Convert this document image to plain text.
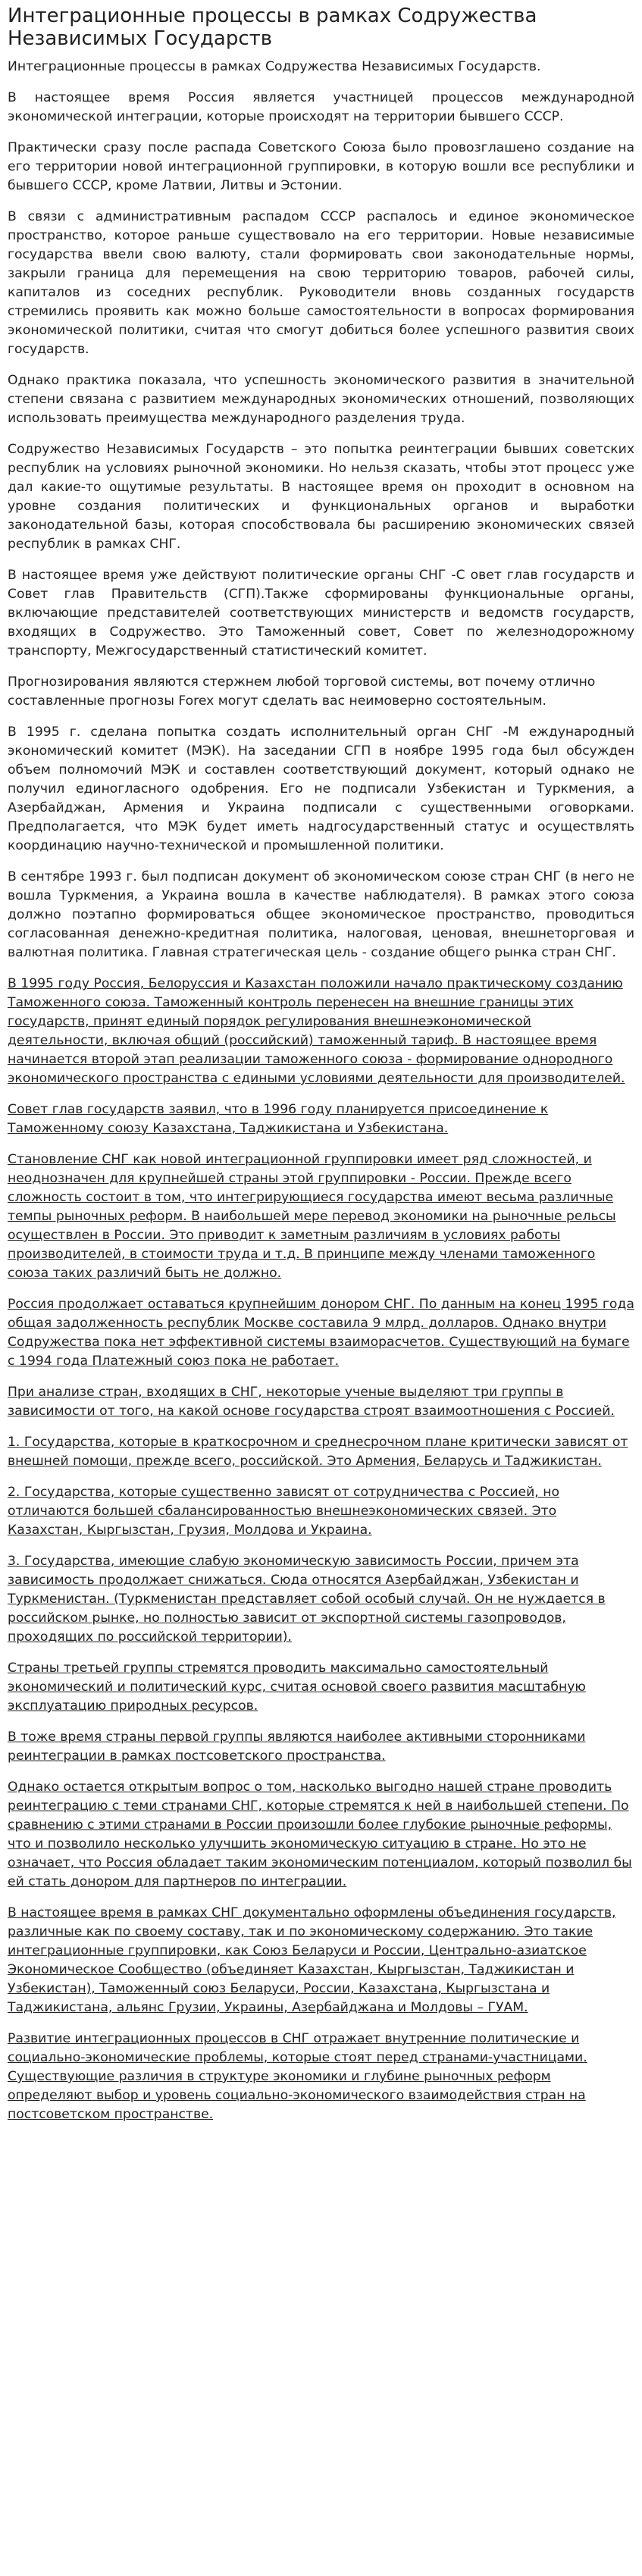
Интеграционные процессы в рамках Содружества Независимых Государств

Интеграционные процессы в рамках Содружества Независимых Государств.

В настоящее время Россия является участницей процессов международной экономической интеграции, которые происходят на территории бывшего СССР.

Практически сразу после распада Советского Союза было провозглашено создание на его территории новой интеграционной группировки, в которую вошли все республики и бывшего СССР, кроме Латвии, Литвы и Эстонии.

В связи с административным распадом СССР распалось и единое экономическое пространство, которое раньше существовало на его территории. Новые независимые государства ввели свою валюту, стали формировать свои законодательные нормы, закрыли граница для перемещения на свою территорию товаров, рабочей силы, капиталов из соседних республик. Руководители вновь созданных государств стремились проявить как можно больше самостоятельности в вопросах формирования экономической политики, считая что смогут добиться более успешного развития своих государств.

Однако практика показала, что успешность экономического развития в значительной степени связана с развитием международных экономических отношений, позволяющих использовать преимущества международного разделения труда.

Содружество Независимых Государств – это попытка реинтеграции бывших советских республик на условиях рыночной экономики. Но нельзя сказать, чтобы этот процесс уже дал какие-то ощутимые результаты. В настоящее время он проходит в основном на уровне создания политических и функциональных органов и выработки законодательной базы, которая способствовала бы расширению экономических связей республик в рамках СНГ.

В настоящее время уже действуют политические органы СНГ -С овет глав государств и Совет глав Правительств (СГП).Также сформированы функциональные органы, включающие представителей соответствующих министерств и ведомств государств, входящих в Содружество. Это Таможенный совет, Совет по железнодорожному транспорту, Межгосударственный статистический комитет.

Прогнозирования являются стержнем любой торговой системы, вот почему отлично составленные прогнозы Forex могут сделать вас неимоверно состоятельным.

В 1995 г. сделана попытка создать исполнительный орган СНГ -М еждународный экономический комитет (МЭК). На заседании СГП в ноябре 1995 года был обсужден объем полномочий МЭК и составлен соответствующий документ, который однако не получил единогласного одобрения. Его не подписали Узбекистан и Туркмения, а Азербайджан, Армения и Украина подписали с существенными оговорками. Предполагается, что МЭК будет иметь надгосударственный статус и осуществлять координацию научно-технической и промышленной политики.

В сентябре 1993 г. был подписан документ об экономическом союзе стран СНГ (в него не вошла Туркмения, а Украина вошла в качестве наблюдателя). В рамках этого союза должно поэтапно формироваться общее экономическое пространство, проводиться согласованная денежно-кредитная политика, налоговая, ценовая, внешнеторговая и валютная политика. Главная стратегическая цель - создание общего рынка стран СНГ.

В 1995 году Россия, Белоруссия и Казахстан положили начало практическому созданию Таможенного союза. Таможенный контроль перенесен на внешние границы этих государств, принят единый порядок регулирования внешнеэкономической деятельности, включая общий (российский) таможенный тариф. В настоящее время начинается второй этап реализации таможенного союза - формирование однородного экономического пространства с едиными условиями деятельности для производителей.

Совет глав государств заявил, что в 1996 году планируется присоединение к Таможенному союзу Казахстана, Таджикистана и Узбекистана.

Становление СНГ как новой интеграционной группировки имеет ряд сложностей, и неоднозначен для крупнейшей страны этой группировки - России. Прежде всего сложность состоит в том, что интегрирующиеся государства имеют весьма различные темпы рыночных реформ. В наибольшей мере перевод экономики на рыночные рельсы осуществлен в России. Это приводит к заметным различиям в условиях работы производителей, в стоимости труда и т.д. В принципе между членами таможенного союза таких различий быть не должно.

Россия продолжает оставаться крупнейшим донором СНГ. По данным на конец 1995 года общая задолженность республик Москве составила 9 млрд. долларов. Однако внутри Содружества пока нет эффективной системы взаиморасчетов. Существующий на бумаге с 1994 года Платежный союз пока не работает.

При анализе стран, входящих в СНГ, некоторые ученые выделяют три группы в зависимости от того, на какой основе государства строят взаимоотношения с Россией.

1. Государства, которые в краткосрочном и среднесрочном плане критически зависят от внешней помощи, прежде всего, российской. Это Армения, Беларусь и Таджикистан.

2. Государства, которые существенно зависят от сотрудничества с Россией, но отличаются большей сбалансированностью внешнеэкономических связей. Это Казахстан, Кыргызстан, Грузия, Молдова и Украина.

3. Государства, имеющие слабую экономическую зависимость России, причем эта зависимость продолжает снижаться. Сюда относятся Азербайджан, Узбекистан и Туркменистан. (Туркменистан представляет собой особый случай. Он не нуждается в российском рынке, но полностью зависит от экспортной системы газопроводов, проходящих по российской территории).

Страны третьей группы стремятся проводить максимально самостоятельный экономический и политический курс, считая основой своего развития масштабную эксплуатацию природных ресурсов.

В тоже время страны первой группы являются наиболее активными сторонниками реинтеграции в рамках постсоветского пространства.

Однако остается открытым вопрос о том, насколько выгодно нашей стране проводить реинтеграцию с теми странами СНГ, которые стремятся к ней в наибольшей степени. По сравнению с этими странами в России произошли более глубокие рыночные реформы, что и позволило несколько улучшить экономическую ситуацию в стране. Но это не означает, что Россия обладает таким экономическим потенциалом, который позволил бы ей стать донором для партнеров по интеграции.

В настоящее время в рамках СНГ документально оформлены объединения государств, различные как по своему составу, так и по экономическому содержанию. Это такие интеграционные группировки, как Союз Беларуси и России, Центрально-азиатское Экономическое Сообщество (объединяет Казахстан, Кыргызстан, Таджикистан и Узбекистан), Таможенный союз Беларуси, России, Казахстана, Кыргызстана и Таджикистана, альянс Грузии, Украины, Азербайджана и Молдовы – ГУАМ.

Развитие интеграционных процессов в СНГ отражает внутренние политические и социально-экономические проблемы, которые стоят перед странами-участницами. Существующие различия в структуре экономики и глубине рыночных реформ определяют выбор и уровень социально-экономического взаимодействия стран на постсоветском пространстве.
